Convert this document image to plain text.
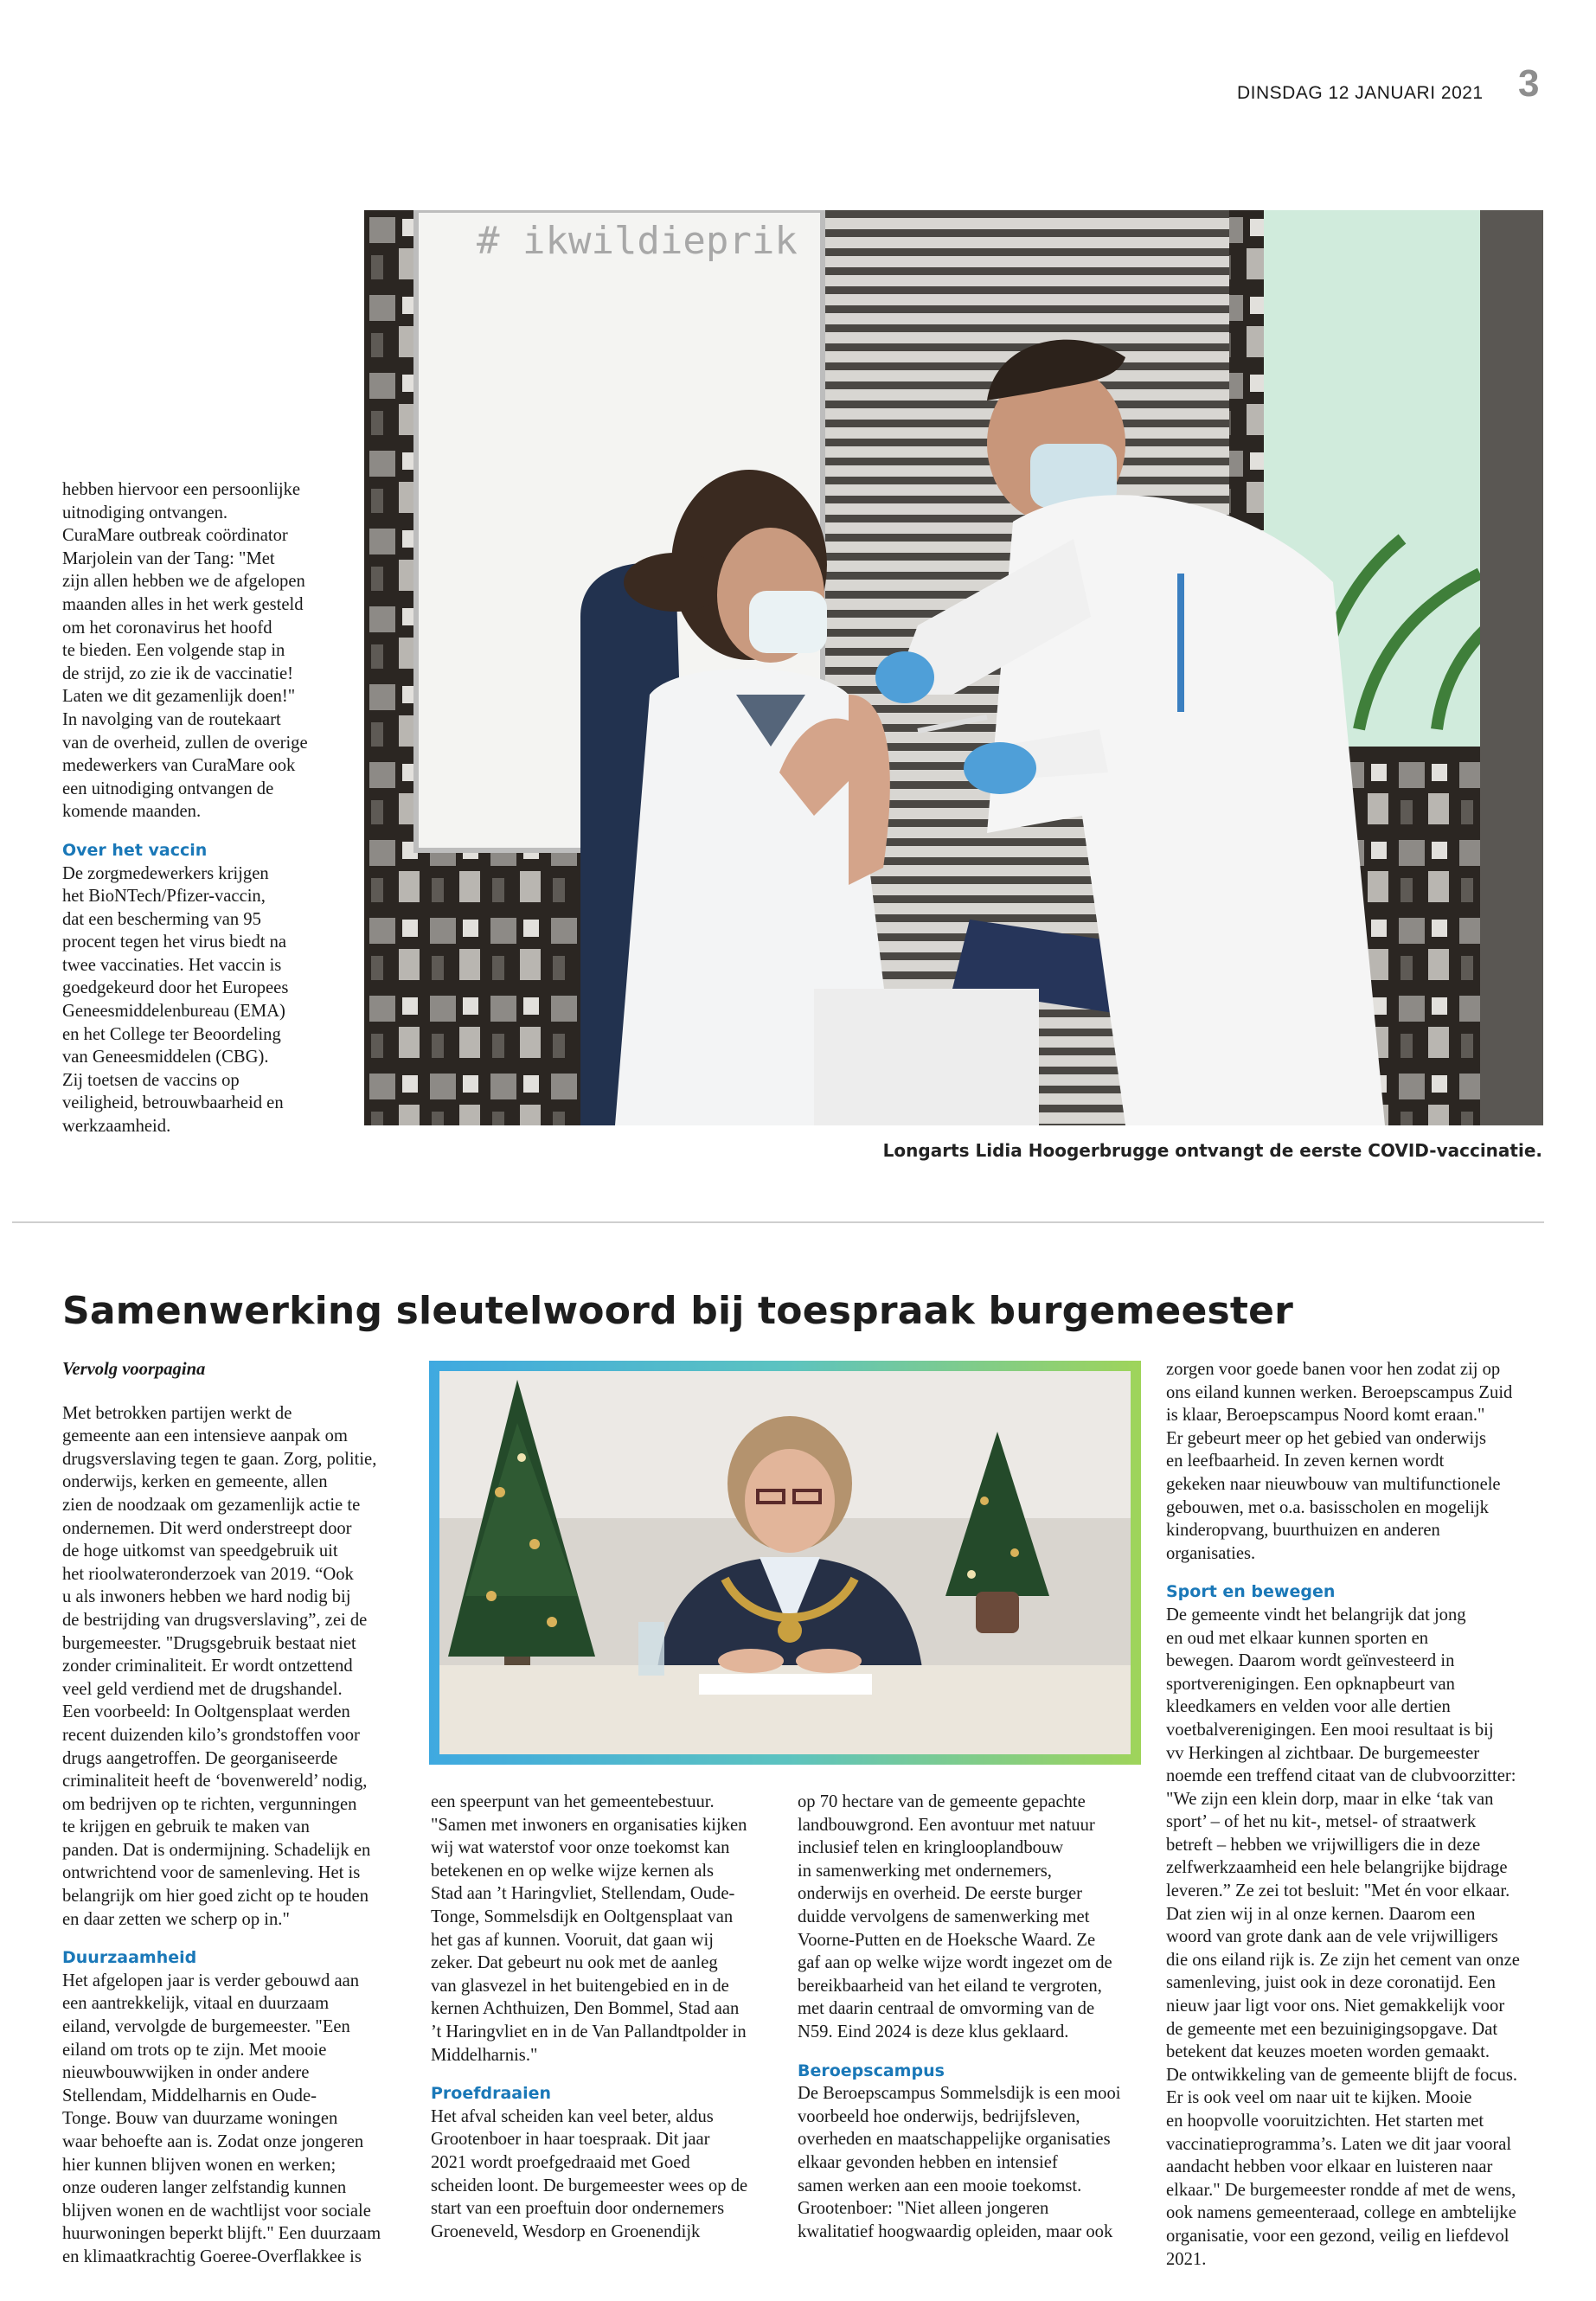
DINSDAG 12 JANUARI 2021 3

hebben hiervoor een persoonlijke

uitnodiging ontvangen.

CuraMare outbreak coördinator

Marjolein van der Tang: "Met

zijn allen hebben we de afgelopen

maanden alles in het werk gesteld

om het coronavirus het hoofd

te bieden. Een volgende stap in

de strijd, zo zie ik de vaccinatie!

Laten we dit gezamenlijk doen!"

In navolging van de routekaart

van de overheid, zullen de overige

medewerkers van CuraMare ook

een uitnodiging ontvangen de

komende maanden.

Over het vaccin

De zorgmedewerkers krijgen

het BioNTech/Pfizer-vaccin,

dat een bescherming van 95

procent tegen het virus biedt na

twee vaccinaties. Het vaccin is

goedgekeurd door het Europees

Geneesmiddelenbureau (EMA)

en het College ter Beoordeling

van Geneesmiddelen (CBG).

Zij toetsen de vaccins op

veiligheid, betrouwbaarheid en

werkzaamheid.

# ikwildieprik
Longarts Lidia Hoogerbrugge ontvangt de eerste COVID-vaccinatie.
Samenwerking sleutelwoord bij toespraak burgemeester

Vervolg voorpagina

Met betrokken partijen werkt de

gemeente aan een intensieve aanpak om

drugsverslaving tegen te gaan. Zorg, politie,

onderwijs, kerken en gemeente, allen

zien de noodzaak om gezamenlijk actie te

ondernemen. Dit werd onderstreept door

de hoge uitkomst van speedgebruik uit

het rioolwateronderzoek van 2019. “Ook

u als inwoners hebben we hard nodig bij

de bestrijding van drugsverslaving”, zei de

burgemeester. "Drugsgebruik bestaat niet

zonder criminaliteit. Er wordt ontzettend

veel geld verdiend met de drugshandel.

Een voorbeeld: In Ooltgensplaat werden

recent duizenden kilo’s grondstoffen voor

drugs aangetroffen. De georganiseerde

criminaliteit heeft de ‘bovenwereld’ nodig,

om bedrijven op te richten, vergunningen

te krijgen en gebruik te maken van

panden. Dat is ondermijning. Schadelijk en

ontwrichtend voor de samenleving. Het is

belangrijk om hier goed zicht op te houden

en daar zetten we scherp op in."

Duurzaamheid

Het afgelopen jaar is verder gebouwd aan

een aantrekkelijk, vitaal en duurzaam

eiland, vervolgde de burgemeester. "Een

eiland om trots op te zijn. Met mooie

nieuwbouwwijken in onder andere

Stellendam, Middelharnis en Oude-

Tonge. Bouw van duurzame woningen

waar behoefte aan is. Zodat onze jongeren

hier kunnen blijven wonen en werken;

onze ouderen langer zelfstandig kunnen

blijven wonen en de wachtlijst voor sociale

huurwoningen beperkt blijft." Een duurzaam

en klimaatkrachtig Goeree-Overflakkee is

een speerpunt van het gemeentebestuur.

"Samen met inwoners en organisaties kijken

wij wat waterstof voor onze toekomst kan

betekenen en op welke wijze kernen als

Stad aan ’t Haringvliet, Stellendam, Oude-

Tonge, Sommelsdijk en Ooltgensplaat van

het gas af kunnen. Vooruit, dat gaan wij

zeker. Dat gebeurt nu ook met de aanleg

van glasvezel in het buitengebied en in de

kernen Achthuizen, Den Bommel, Stad aan

’t Haringvliet en in de Van Pallandtpolder in

Middelharnis."

Proefdraaien

Het afval scheiden kan veel beter, aldus

Grootenboer in haar toespraak. Dit jaar

2021 wordt proefgedraaid met Goed

scheiden loont. De burgemeester wees op de

start van een proeftuin door ondernemers

Groeneveld, Wesdorp en Groenendijk

op 70 hectare van de gemeente gepachte

landbouwgrond. Een avontuur met natuur

inclusief telen en kringlooplandbouw

in samenwerking met ondernemers,

onderwijs en overheid. De eerste burger

duidde vervolgens de samenwerking met

Voorne-Putten en de Hoeksche Waard. Ze

gaf aan op welke wijze wordt ingezet om de

bereikbaarheid van het eiland te vergroten,

met daarin centraal de omvorming van de

N59. Eind 2024 is deze klus geklaard.

Beroepscampus

De Beroepscampus Sommelsdijk is een mooi

voorbeeld hoe onderwijs, bedrijfsleven,

overheden en maatschappelijke organisaties

elkaar gevonden hebben en intensief

samen werken aan een mooie toekomst.

Grootenboer: "Niet alleen jongeren

kwalitatief hoogwaardig opleiden, maar ook

zorgen voor goede banen voor hen zodat zij op

ons eiland kunnen werken. Beroepscampus Zuid

is klaar, Beroepscampus Noord komt eraan."

Er gebeurt meer op het gebied van onderwijs

en leefbaarheid. In zeven kernen wordt

gekeken naar nieuwbouw van multifunctionele

gebouwen, met o.a. basisscholen en mogelijk

kinderopvang, buurthuizen en anderen

organisaties.

Sport en bewegen

De gemeente vindt het belangrijk dat jong

en oud met elkaar kunnen sporten en

bewegen. Daarom wordt geïnvesteerd in

sportverenigingen. Een opknapbeurt van

kleedkamers en velden voor alle dertien

voetbalverenigingen. Een mooi resultaat is bij

vv Herkingen al zichtbaar. De burgemeester

noemde een treffend citaat van de clubvoorzitter:

"We zijn een klein dorp, maar in elke ‘tak van

sport’ – of het nu kit-, metsel- of straatwerk

betreft – hebben we vrijwilligers die in deze

zelfwerkzaamheid een hele belangrijke bijdrage

leveren.” Ze zei tot besluit: "Met én voor elkaar.

Dat zien wij in al onze kernen. Daarom een

woord van grote dank aan de vele vrijwilligers

die ons eiland rijk is. Ze zijn het cement van onze

samenleving, juist ook in deze coronatijd. Een

nieuw jaar ligt voor ons. Niet gemakkelijk voor

de gemeente met een bezuinigingsopgave. Dat

betekent dat keuzes moeten worden gemaakt.

De ontwikkeling van de gemeente blijft de focus.

Er is ook veel om naar uit te kijken. Mooie

en hoopvolle vooruitzichten. Het starten met

vaccinatieprogramma’s. Laten we dit jaar vooral

aandacht hebben voor elkaar en luisteren naar

elkaar." De burgemeester rondde af met de wens,

ook namens gemeenteraad, college en ambtelijke

organisatie, voor een gezond, veilig en liefdevol

2021.
